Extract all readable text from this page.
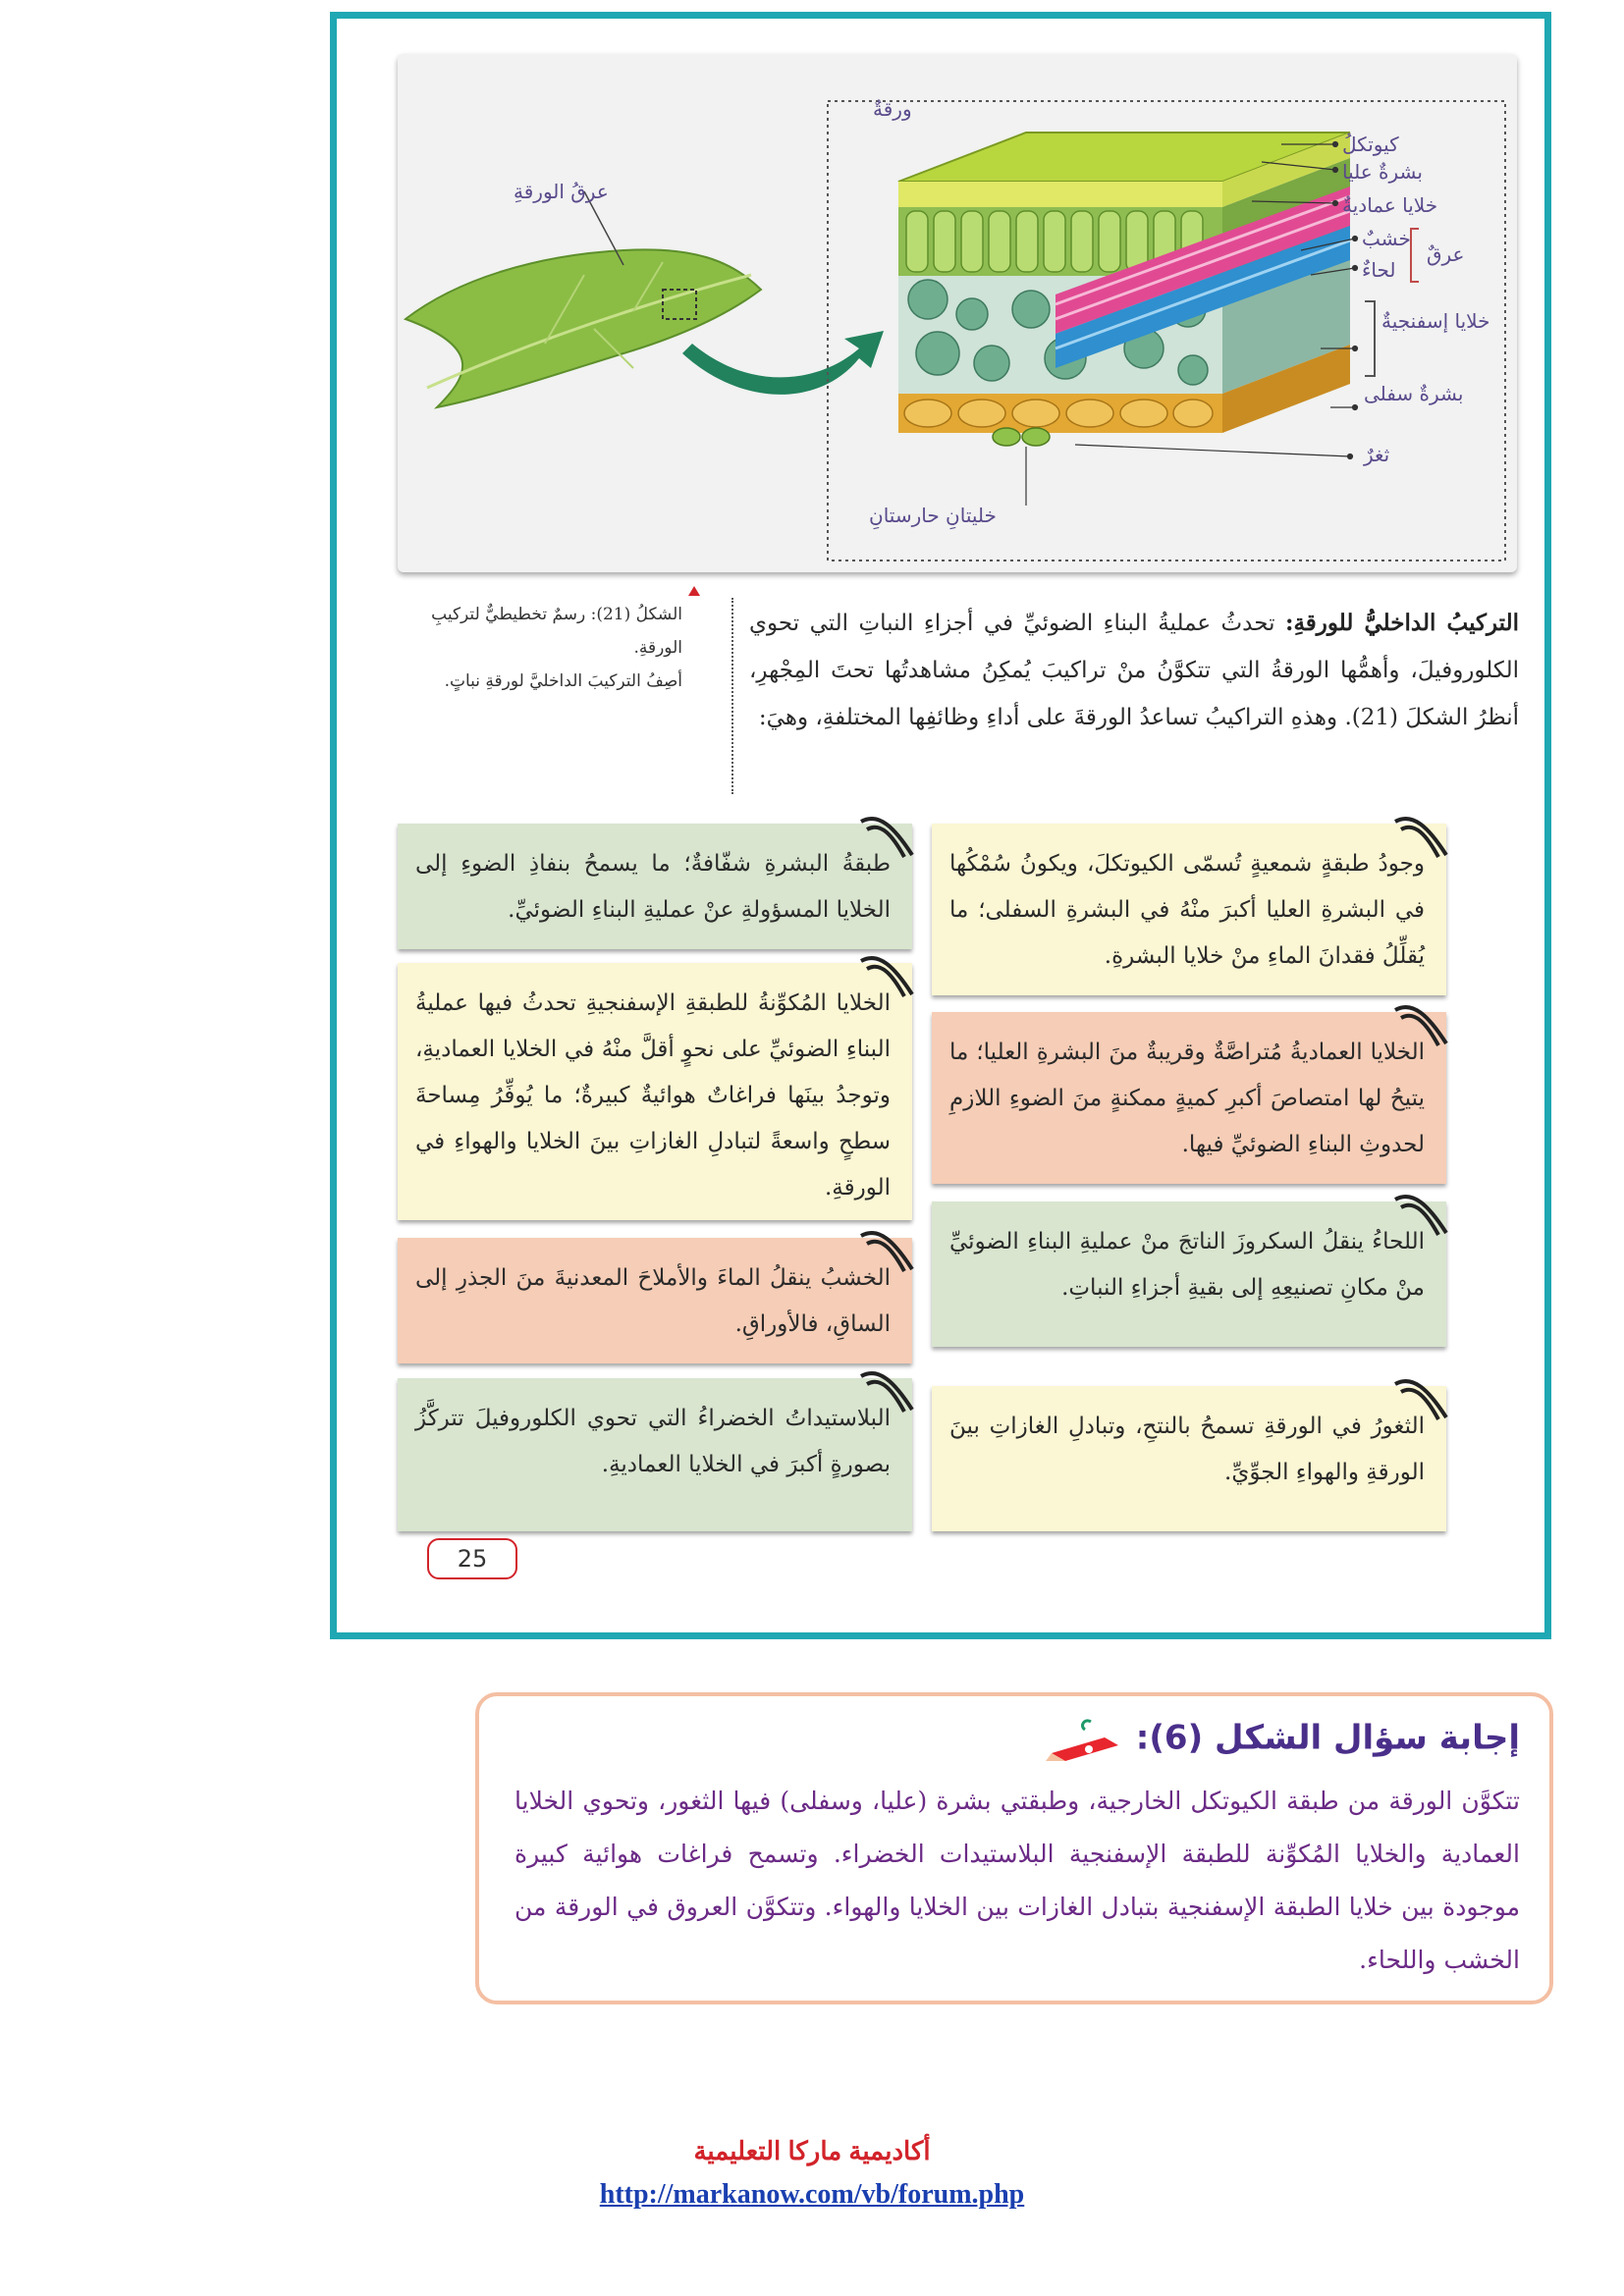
ورقةٌ
عرقُ الورقةِ
كيوتكلُ
بشرةٌ عليا
خلايا عماديةٌ
خشبٌ
عرقٌ
لحاءٌ
خلايا إسفنجيةٌ
بشرةٌ سفلى
ثغرٌ
خليتانِ حارستانِ
الشكلُ (21): رسمٌ تخطيطيٌّ لتركيبِ الورقةِ.
أصِفُ التركيبَ الداخليَّ لورقةِ نباتٍ.
التركيبُ الداخليُّ للورقةِ: تحدثُ عمليةُ البناءِ الضوئيِّ في أجزاءِ النباتِ التي تحوي الكلوروفيلَ، وأهمُّها الورقةُ التي تتكوَّنُ منْ تراكيبَ يُمكِنُ مشاهدتُها تحتَ المِجْهرِ، أنظرُ الشكلَ (21). وهذهِ التراكيبُ تساعدُ الورقةَ على أداءِ وظائفِها المختلفةِ، وهيَ:
وجودُ طبقةٍ شمعيةٍ تُسمّى الكيوتكلَ، ويكونُ سُمْكُها في البشرةِ العليا أكبرَ منْهُ في البشرةِ السفلى؛ ما يُقلِّلُ فقدانَ الماءِ منْ خلايا البشرةِ.
الخلايا العماديةُ مُتراصَّةٌ وقريبةٌ منَ البشرةِ العليا؛ ما يتيحُ لها امتصاصَ أكبرِ كميةٍ ممكنةٍ منَ الضوءِ اللازمِ لحدوثِ البناءِ الضوئيِّ فيها.
اللحاءُ ينقلُ السكروزَ الناتجَ منْ عمليةِ البناءِ الضوئيِّ منْ مكانِ تصنيعِهِ إلى بقيةِ أجزاءِ النباتِ.
الثغورُ في الورقةِ تسمحُ بالنتحِ، وتبادلِ الغازاتِ بينَ الورقةِ والهواءِ الجوِّيِّ.
طبقةُ البشرةِ شفّافةٌ؛ ما يسمحُ بنفاذِ الضوءِ إلى الخلايا المسؤولةِ عنْ عمليةِ البناءِ الضوئيِّ.
الخلايا المُكوِّنةُ للطبقةِ الإسفنجيةِ تحدثُ فيها عمليةُ البناءِ الضوئيِّ على نحوٍ أقلَّ منْهُ في الخلايا العماديةِ، وتوجدُ بينَها فراغاتٌ هوائيةٌ كبيرةٌ؛ ما يُوفِّرُ مِساحةَ سطحٍ واسعةً لتبادلِ الغازاتِ بينَ الخلايا والهواءِ في الورقةِ.
الخشبُ ينقلُ الماءَ والأملاحَ المعدنيةَ منَ الجذرِ إلى الساقِ، فالأوراقِ.
البلاستيداتُ الخضراءُ التي تحوي الكلوروفيلَ تتركَّزُ بصورةٍ أكبرَ في الخلايا العماديةِ.
25
إجابة سؤال الشكل (6):
تتكوَّن الورقة من طبقة الكيوتكل الخارجية، وطبقتي بشرة (عليا، وسفلى) فيها الثغور، وتحوي الخلايا العمادية والخلايا المُكوِّنة للطبقة الإسفنجية البلاستيدات الخضراء. وتسمح فراغات هوائية كبيرة موجودة بين خلايا الطبقة الإسفنجية بتبادل الغازات بين الخلايا والهواء. وتتكوَّن العروق في الورقة من الخشب واللحاء.
أكاديمية ماركا التعليمية
http://markanow.com/vb/forum.php
